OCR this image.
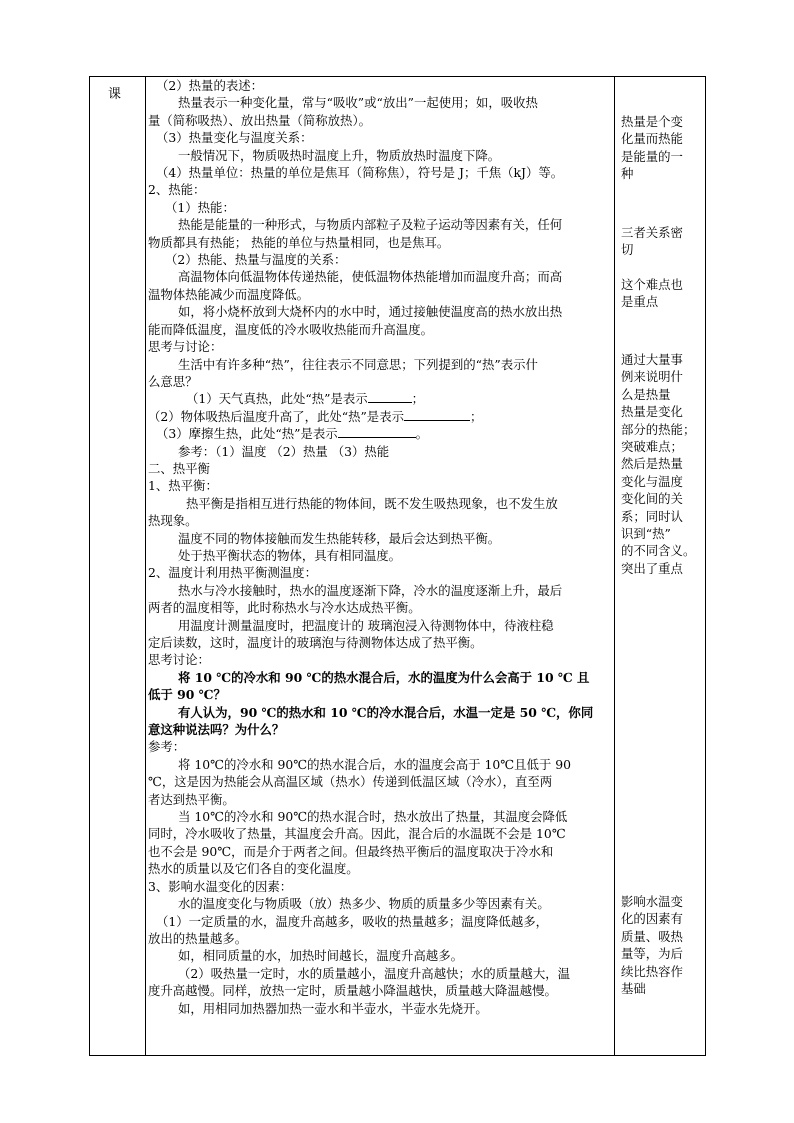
课

（2）热量的表述：

热量表示一种变化量，常与“吸收”或“放出”一起使用；如，吸收热

量（简称吸热）、放出热量（简称放热）。

（3）热量变化与温度关系：

一般情况下，物质吸热时温度上升，物质放热时温度下降。

（4）热量单位：热量的单位是焦耳（简称焦），符号是 J；千焦（kJ）等。

2、热能：

（1）热能：

热能是能量的一种形式，与物质内部粒子及粒子运动等因素有关，任何

物质都具有热能； 热能的单位与热量相同，也是焦耳。

（2）热能、热量与温度的关系：

高温物体向低温物体传递热能，使低温物体热能增加而温度升高；而高

温物体热能减少而温度降低。

如，将小烧杯放到大烧杯内的水中时，通过接触使温度高的热水放出热

能而降低温度，温度低的冷水吸收热能而升高温度。

思考与讨论：

生活中有许多种“热”，往往表示不同意思；下列提到的“热”表示什

么意思？

（1）天气真热，此处“热”是表示	；

（2）物体吸热后温度升高了，此处“热”是表示	；

（3）摩擦生热，此处“热”是表示	。

参考：（1）温度 （2）热量 （3）热能

二、热平衡

1、热平衡：

热平衡是指相互进行热能的物体间，既不发生吸热现象，也不发生放

热现象。

温度不同的物体接触而发生热能转移，最后会达到热平衡。

处于热平衡状态的物体，具有相同温度。

2、温度计利用热平衡测温度：

热水与冷水接触时，热水的温度逐渐下降，冷水的温度逐渐上升，最后

两者的温度相等，此时称热水与冷水达成热平衡。

用温度计测量温度时，把温度计的 玻璃泡浸入待测物体中，待液柱稳

定后读数，这时，温度计的玻璃泡与待测物体达成了热平衡。

思考讨论：

将 10 ℃的冷水和 90 ℃的热水混合后，水的温度为什么会高于 10 ℃ 且

低于 90 ℃？

有人认为，90 ℃的热水和 10 ℃的冷水混合后，水温一定是 50 ℃，你同

意这种说法吗？为什么？

参考：

将 10℃的冷水和 90℃的热水混合后，水的温度会高于 10℃且低于 90

℃，这是因为热能会从高温区域（热水）传递到低温区域（冷水），直至两

者达到热平衡。

当 10℃的冷水和 90℃的热水混合时，热水放出了热量，其温度会降低

同时，冷水吸收了热量，其温度会升高。因此，混合后的水温既不会是 10℃

也不会是 90℃，而是介于两者之间。但最终热平衡后的温度取决于冷水和

热水的质量以及它们各自的变化温度。

3、影响水温变化的因素：

水的温度变化与物质吸（放）热多少、物质的质量多少等因素有关。

（1）一定质量的水，温度升高越多，吸收的热量越多；温度降低越多，

放出的热量越多。

如，相同质量的水，加热时间越长，温度升高越多。

（2）吸热量一定时，水的质量越小，温度升高越快；水的质量越大，温

度升高越慢。同样，放热一定时，质量越小降温越快，质量越大降温越慢。

如，用相同加热器加热一壶水和半壶水，半壶水先烧开。

热量是个变

化量而热能

是能量的一

种

三者关系密

切

这个难点也

是重点

通过大量事

例来说明什

么是热量

热量是变化

部分的热能；

突破难点；

然后是热量

变化与温度

变化间的关

系；同时认

识到“热”

的不同含义。

突出了重点

影响水温变

化的因素有

质量、吸热

量等，为后

续比热容作

基础
